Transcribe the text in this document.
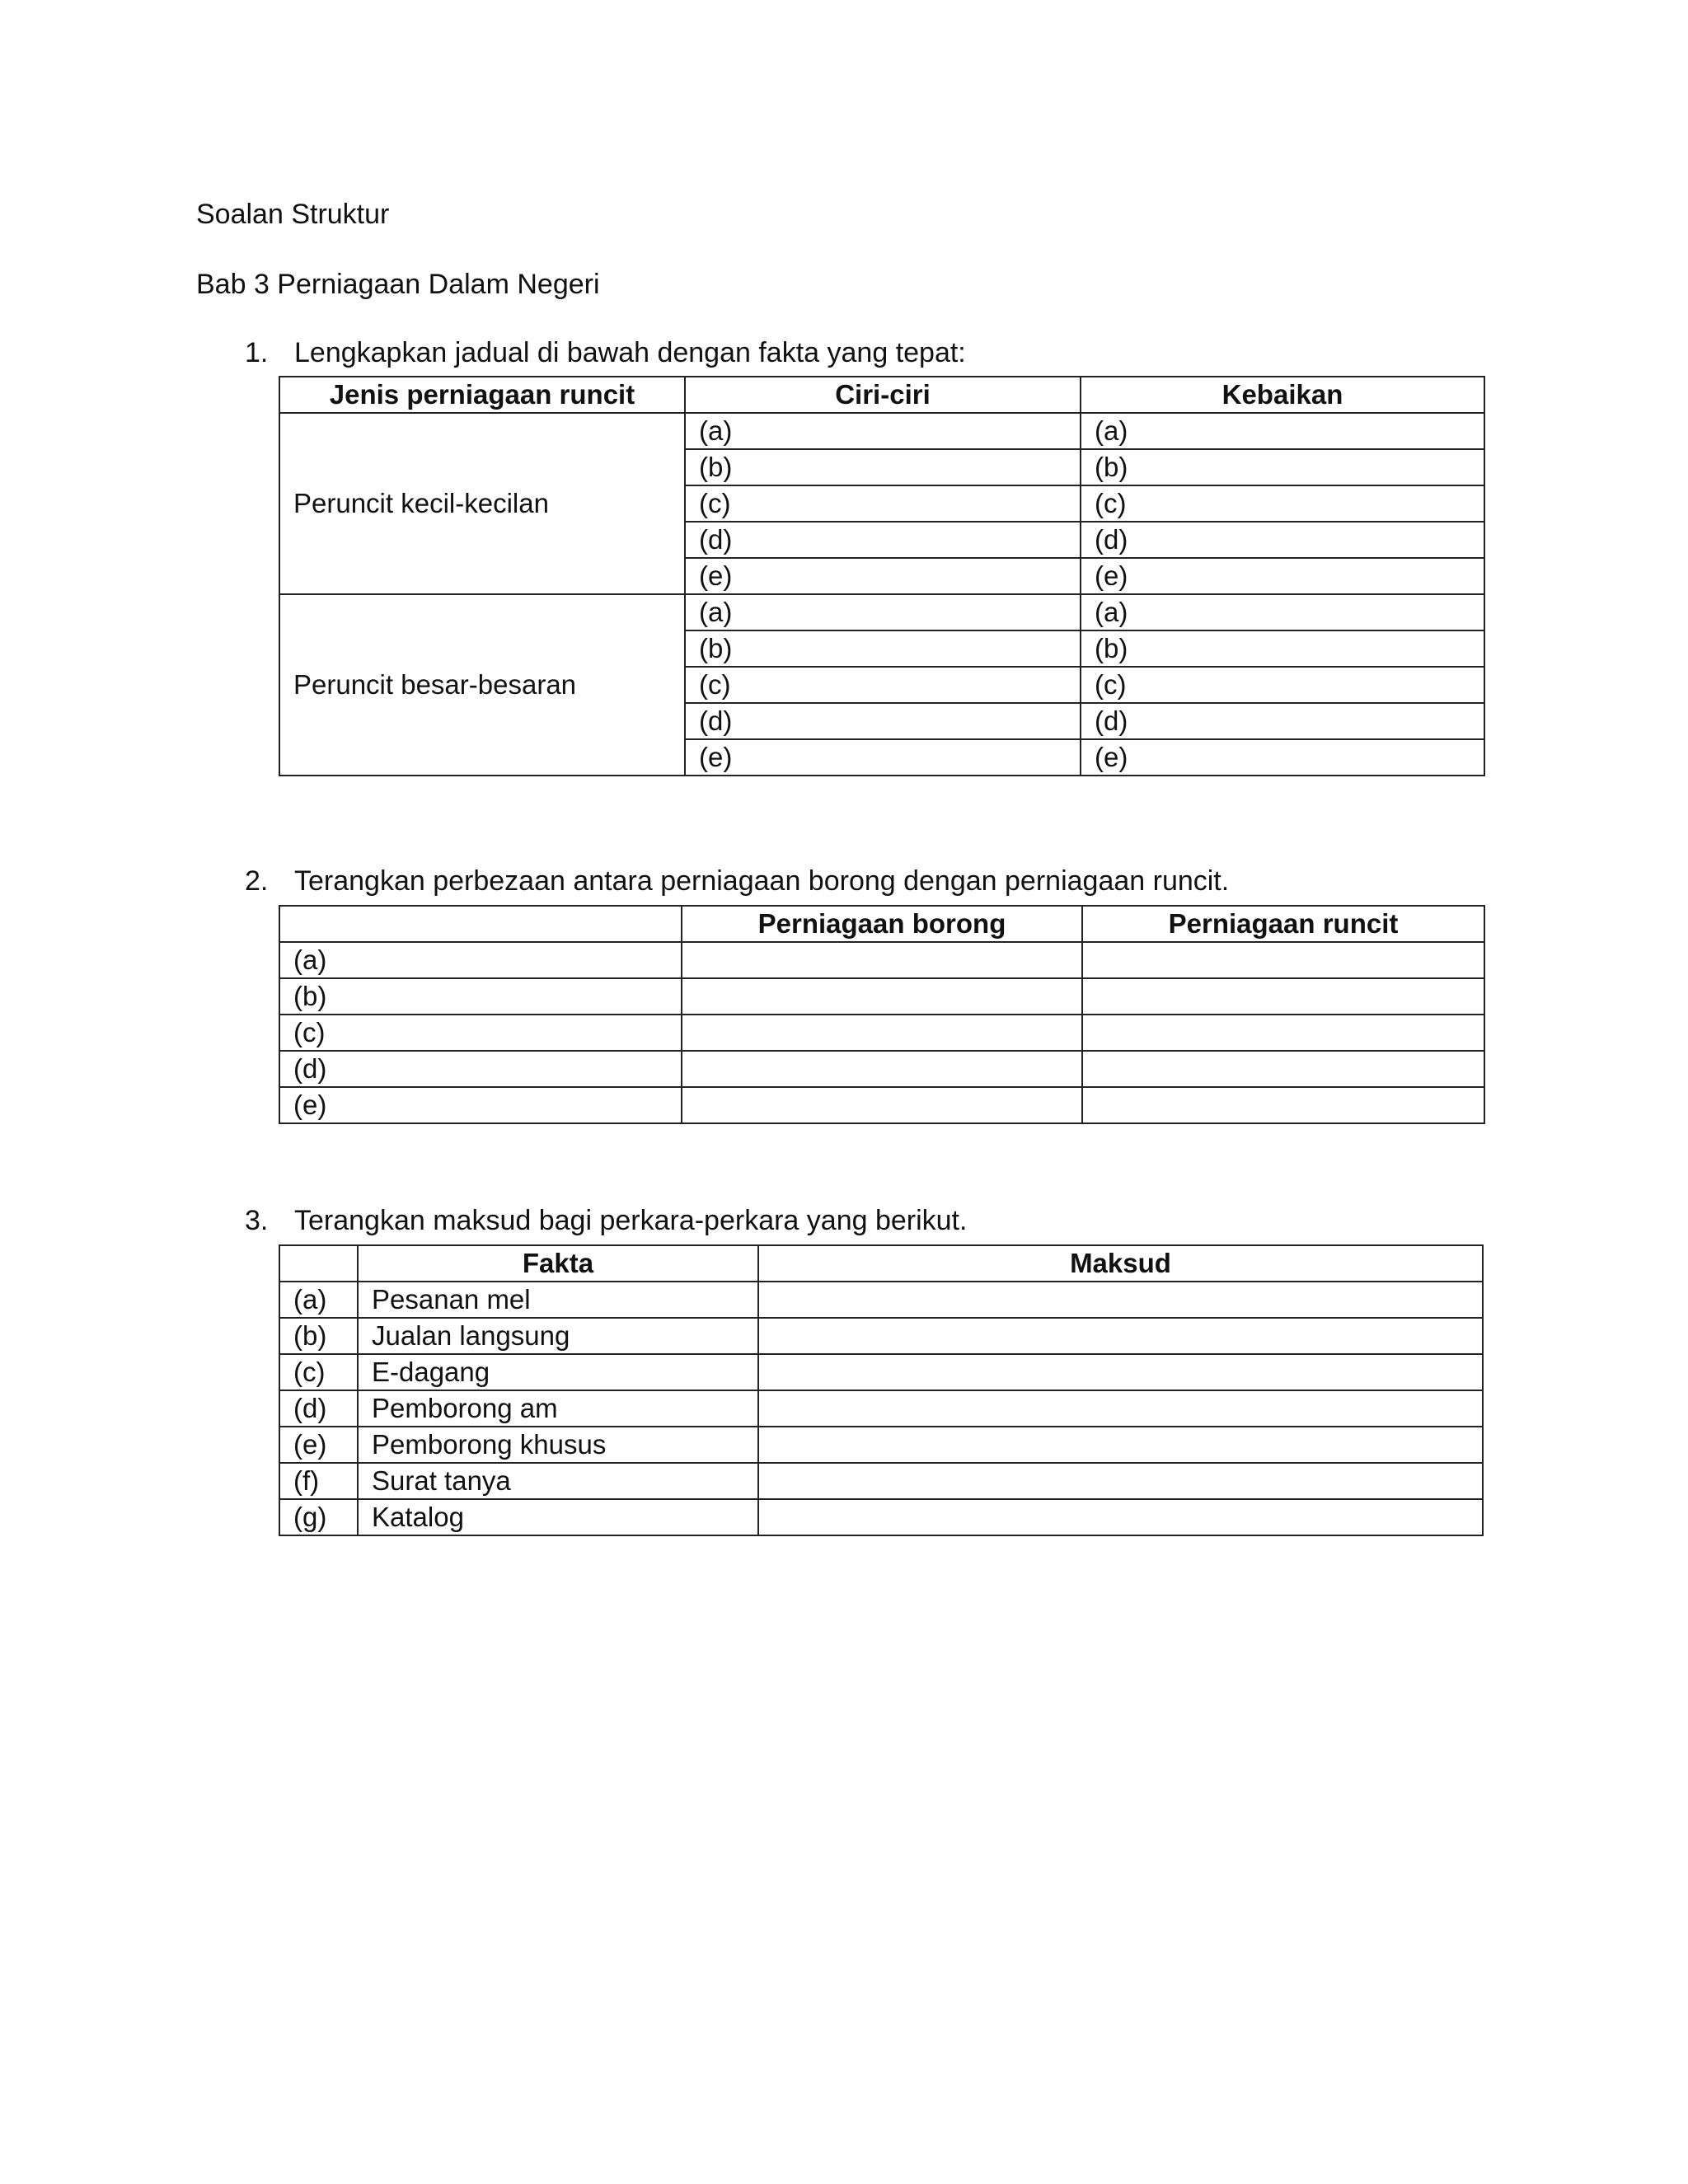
Soalan Struktur
Bab 3 Perniagaan Dalam Negeri
1. Lengkapkan jadual di bawah dengan fakta yang tepat:
Jenis perniagaan runcit	Ciri-ciri	Kebaikan
Peruncit kecil-kecilan	(a)	(a)
	(b)	(b)
	(c)	(c)
	(d)	(d)
	(e)	(e)
Peruncit besar-besaran	(a)	(a)
	(b)	(b)
	(c)	(c)
	(d)	(d)
	(e)	(e)
2. Terangkan perbezaan antara perniagaan borong dengan perniagaan runcit.
	Perniagaan borong	Perniagaan runcit
(a)		
(b)		
(c)		
(d)		
(e)		
3. Terangkan maksud bagi perkara-perkara yang berikut.
	Fakta	Maksud
(a)	Pesanan mel	
(b)	Jualan langsung	
(c)	E-dagang	
(d)	Pemborong am	
(e)	Pemborong khusus	
(f)	Surat tanya	
(g)	Katalog	
